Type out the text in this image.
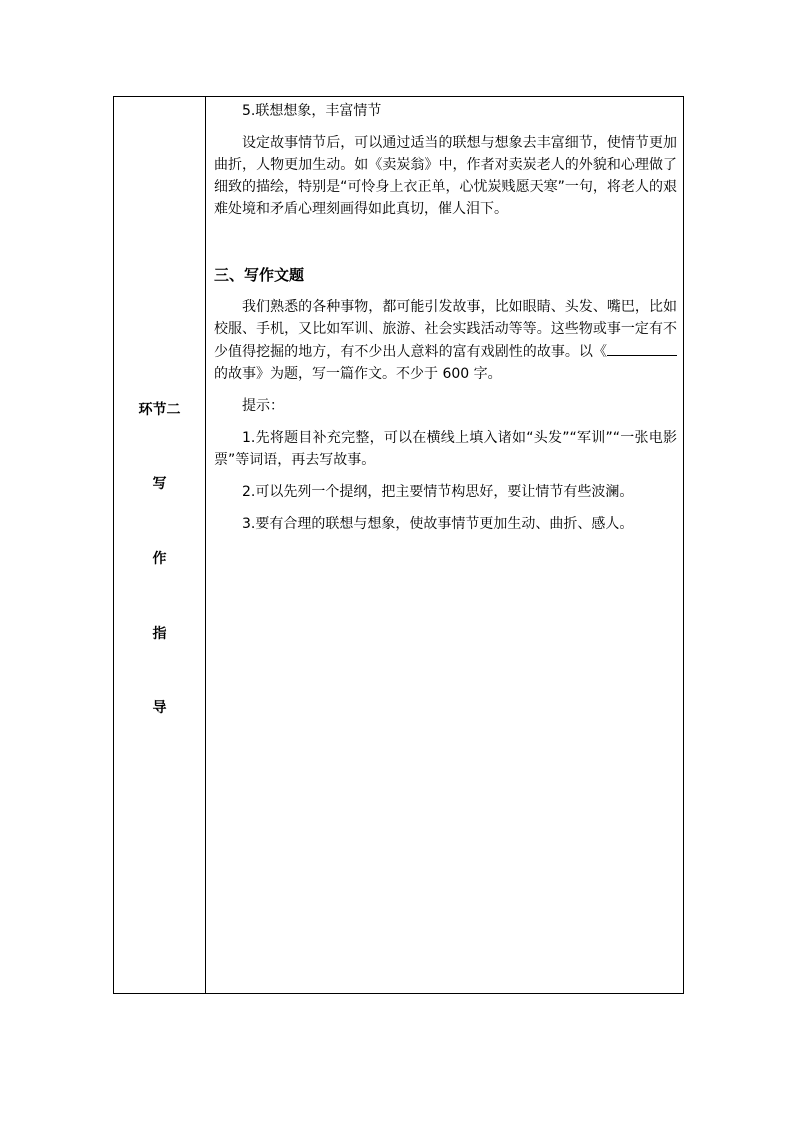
环节二
写
作
指
导

5.联想想象，丰富情节

设定故事情节后，可以通过适当的联想与想象去丰富细节，使情节更加曲折，人物更加生动。如《卖炭翁》中，作者对卖炭老人的外貌和心理做了细致的描绘，特别是“可怜身上衣正单，心忧炭贱愿天寒”一句，将老人的艰难处境和矛盾心理刻画得如此真切，催人泪下。

三、写作文题

我们熟悉的各种事物，都可能引发故事，比如眼睛、头发、嘴巴，比如校服、手机，又比如军训、旅游、社会实践活动等等。这些物或事一定有不少值得挖掘的地方，有不少出人意料的富有戏剧性的故事。以《的故事》为题，写一篇作文。不少于 600 字。

提示：

1.先将题目补充完整，可以在横线上填入诸如“头发”“军训”“一张电影票”等词语，再去写故事。

2.可以先列一个提纲，把主要情节构思好，要让情节有些波澜。

3.要有合理的联想与想象，使故事情节更加生动、曲折、感人。
